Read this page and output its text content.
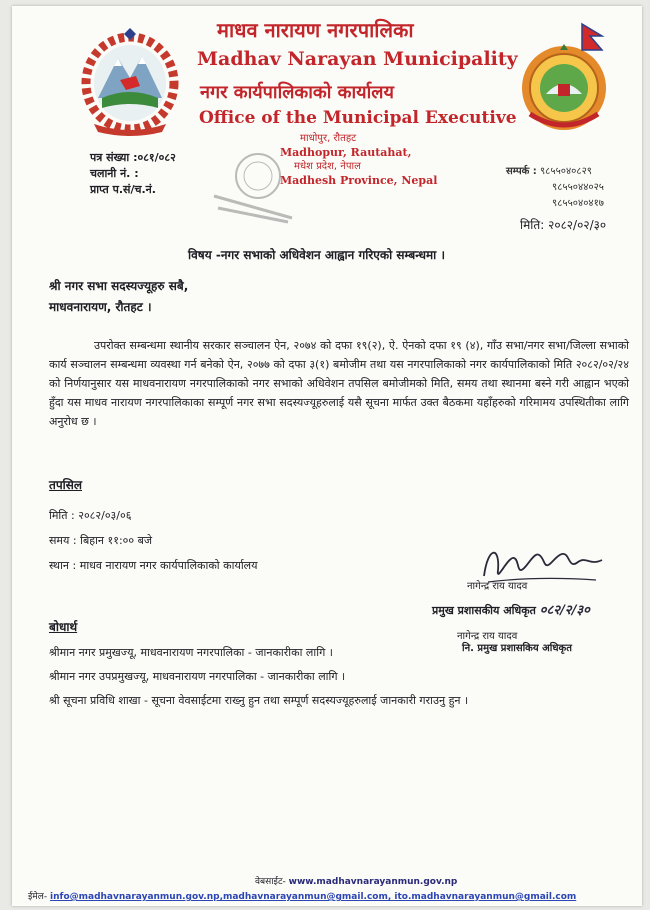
माधव नारायण नगरपालिका
Madhav Narayan Municipality
नगर कार्यपालिकाको कार्यालय
Office of the Municipal Executive
माधोपुर, रौतहट
Madhopur, Rautahat,
मधेश प्रदेश, नेपाल
Madhesh Province, Nepal
पत्र संख्या :०८१/०८२
चलानी नं. :
प्राप्त प.सं/च.नं.
सम्पर्क : ९८५५०४०८२९
९८५५०४४०२५
९८५५०४०४१७
मिति: २०८२/०२/३०
विषय -नगर सभाको अधिवेशन आह्वान गरिएको सम्बन्धमा ।
श्री नगर सभा सदस्यज्यूहरु सबै,
माधवनारायण, रौतहट ।
उपरोक्त सम्बन्धमा स्थानीय सरकार सञ्चालन ऐन, २०७४ को दफा १९(२), ऐ. ऐनको दफा १९ (४), गाँउ सभा/नगर सभा/जिल्ला सभाको कार्य सञ्चालन सम्बन्धमा व्यवस्था गर्न बनेको ऐन, २०७७ को दफा ३(१) बमोजीम तथा यस नगरपालिकाको नगर कार्यपालिकाको मिति २०८२/०२/२४ को निर्णयानुसार यस माधवनारायण नगरपालिकाको नगर सभाको अधिवेशन तपसिल बमोजीमको मिति, समय तथा स्थानमा बस्ने गरी आह्वान भएको हुँदा यस माधव नारायण नगरपालिकाका सम्पूर्ण नगर सभा सदस्यज्यूहरुलाई यसै सूचना मार्फत उक्त बैठकमा यहाँहरुको गरिमामय उपस्थितीका लागि अनुरोध छ ।
तपसिल
मिति : २०८२/०३/०६
समय : बिहान ११:०० बजे
स्थान : माधव नारायण नगर कार्यपालिकाको कार्यालय
नागेन्द्र राय यादव
प्रमुख प्रशासकीय अधिकृत ०८२/२/३०
नागेन्द्र राय यादव
नि. प्रमुख प्रशासकिय अधिकृत
बोधार्थ
श्रीमान नगर प्रमुखज्यू, माधवनारायण नगरपालिका - जानकारीका लागि ।
श्रीमान नगर उपप्रमुखज्यू, माधवनारायण नगरपालिका - जानकारीका लागि ।
श्री सूचना प्रविधि शाखा - सूचना वेवसाईटमा राख्नु हुन तथा सम्पूर्ण सदस्यज्यूहरुलाई जानकारी गराउनु हुन ।
वेबसाईट- www.madhavnarayanmun.gov.np
ईमेल- info@madhavnarayanmun.gov.np,madhavnarayanmun@gmail.com, ito.madhavnarayanmun@gmail.com
